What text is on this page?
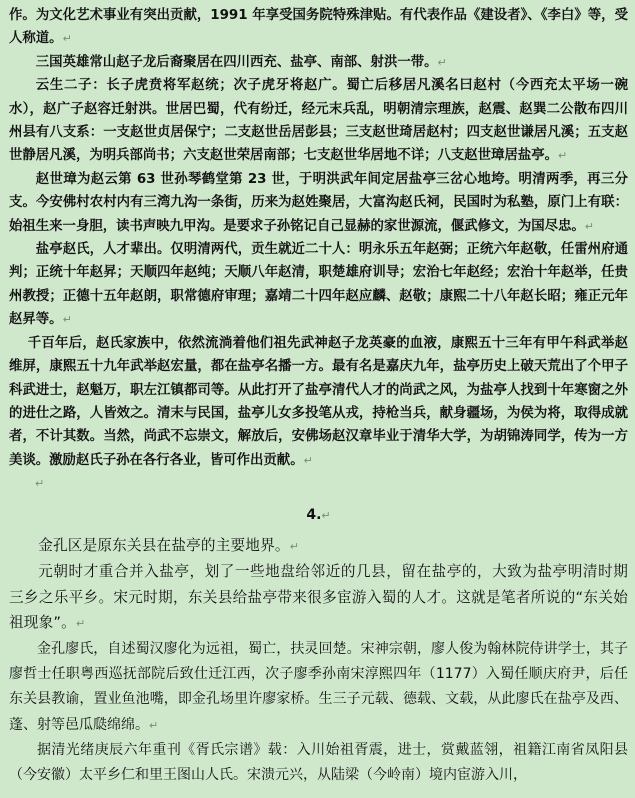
作。为文化艺术事业有突出贡献，1991 年享受国务院特殊津贴。有代表作品《建设者》、《李白》等，受人称道。↵

三国英雄常山赵子龙后裔聚居在四川西充、盐亭、南部、射洪一带。↵

云生二子：长子虎贲将军赵统；次子虎牙将赵广。蜀亡后移居凡溪名曰赵村（今西充太平场一碗水），赵广子赵容迁射洪。世居巴蜀，代有纷迁，经元末兵乱，明朝清宗理族，赵震、赵巽二公散布四川州县有八支系：一支赵世贞居保宁；二支赵世岳居彭县；三支赵世琦居赵村；四支赵世谦居凡溪；五支赵世静居凡溪，为明兵部尚书；六支赵世荣居南部；七支赵世华居地不详；八支赵世璋居盐亭。↵

赵世璋为赵云第 63 世孙琴鹤堂第 23 世，于明洪武年间定居盐亭三岔心地垮。明清两季，再三分支。今安佛村农村内有三湾九沟一条街，历来为赵姓聚居，大富沟赵氏祠，民国时为私塾，原门上有联：始祖生来一身胆，读书声映九甲沟。是要求子孙铭记自己显赫的家世源流，偃武修文，为国尽忠。↵

盐亭赵氏，人才辈出。仅明清两代，贡生就近二十人：明永乐五年赵弼；正统六年赵敬，任雷州府通判；正统十年赵昇；天顺四年赵纯；天顺八年赵清，职楚雄府训导；宏治七年赵经；宏治十年赵举，任贵州教授；正德十五年赵朗，职常德府审理；嘉靖二十四年赵应麟、赵敬；康熙二十八年赵长昭；雍正元年赵昇等。↵

千百年后，赵氏家族中，依然流淌着他们祖先武神赵子龙英豪的血液，康熙五十三年有甲午科武举赵维屏，康熙五十九年武举赵宏量，都在盐亭名播一方。最有名是嘉庆九年，盐亭历史上破天荒出了个甲子科武进士，赵魁万，职左江镇都司等。从此打开了盐亭清代人才的尚武之风，为盐亭人找到十年寒窗之外的进仕之路，人皆效之。清末与民国，盐亭儿女多投笔从戎，持枪当兵，献身疆场，为侯为将，取得成就者，不计其数。当然，尚武不忘崇文，解放后，安佛场赵汉章毕业于清华大学，为胡锦涛同学，传为一方美谈。激励赵氏子孙在各行各业，皆可作出贡献。↵

↵
4.↵

金孔区是原东关县在盐亭的主要地界。↵

元朝时才重合并入盐亭，划了一些地盘给邻近的几县，留在盐亭的，大致为盐亭明清时期三乡之乐平乡。宋元时期，东关县给盐亭带来很多宦游入蜀的人才。这就是笔者所说的“东关始祖现象”。↵

金孔廖氏，自述蜀汉廖化为远祖，蜀亡，扶灵回楚。宋神宗朝，廖人俊为翰林院侍讲学士，其子廖哲士任职粤西巡抚部院后致仕迁江西，次子廖季孙南宋淳熙四年（1177）入蜀任顺庆府尹，后任东关县教谕，置业鱼池嘴，即金孔场里许廖家桥。生三子元载、德载、文载，从此廖氏在盐亭及西、蓬、射等邑瓜瓞绵绵。↵

据清光绪庚辰六年重刊《胥氏宗谱》载：入川始祖胥震，进士，赏戴蓝翎，祖籍江南省凤阳县（今安徽）太平乡仁和里王图山人氏。宋溃元兴，从陆梁（今岭南）境内宦游入川，
